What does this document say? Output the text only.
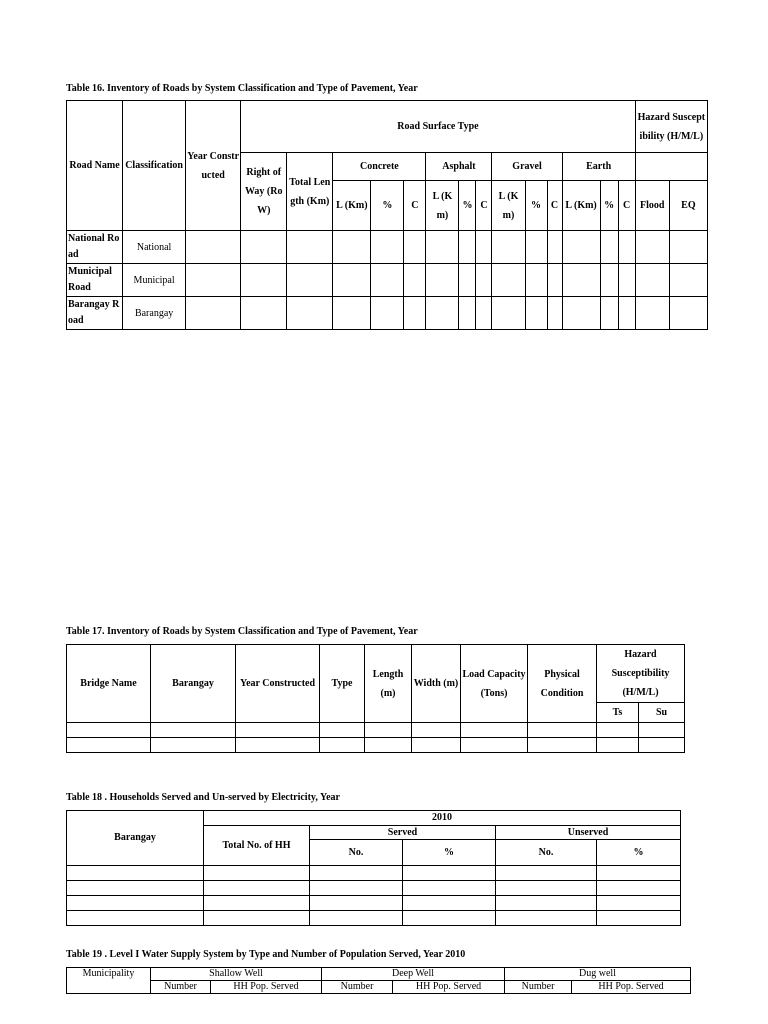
Table 16. Inventory of Roads by System Classification and Type of Pavement, Year
Road Name	Classification	Year Constructed	Road Surface Type														Hazard Susceptibility (H/M/L)	
			Right of Way (RoW)	Total Length (Km)	Concrete			Asphalt			Gravel			Earth				
					L (Km)	%	C	L (Km)	%	C	L (Km)	%	C	L (Km)	%	C	Flood	EQ
National Road	National																	
Municipal Road	Municipal																	
Barangay Road	Barangay																	
Table 17. Inventory of Roads by System Classification and Type of Pavement, Year
Bridge Name	Barangay	Year Constructed	Type	Length (m)	Width (m)	Load Capacity (Tons)	Physical Condition	Hazard Susceptibility (H/M/L)	
								Ts	Su

Table 18 . Households Served and Un-served by Electricity, Year
Barangay	2010				
	Total No. of HH	Served		Unserved	
		No.	%	No.	%

Table 19 . Level I Water Supply System by Type and Number of Population Served, Year 2010
Municipality	Shallow Well		Deep Well		Dug well	
	Number	HH Pop. Served	Number	HH Pop. Served	Number	HH Pop. Served
